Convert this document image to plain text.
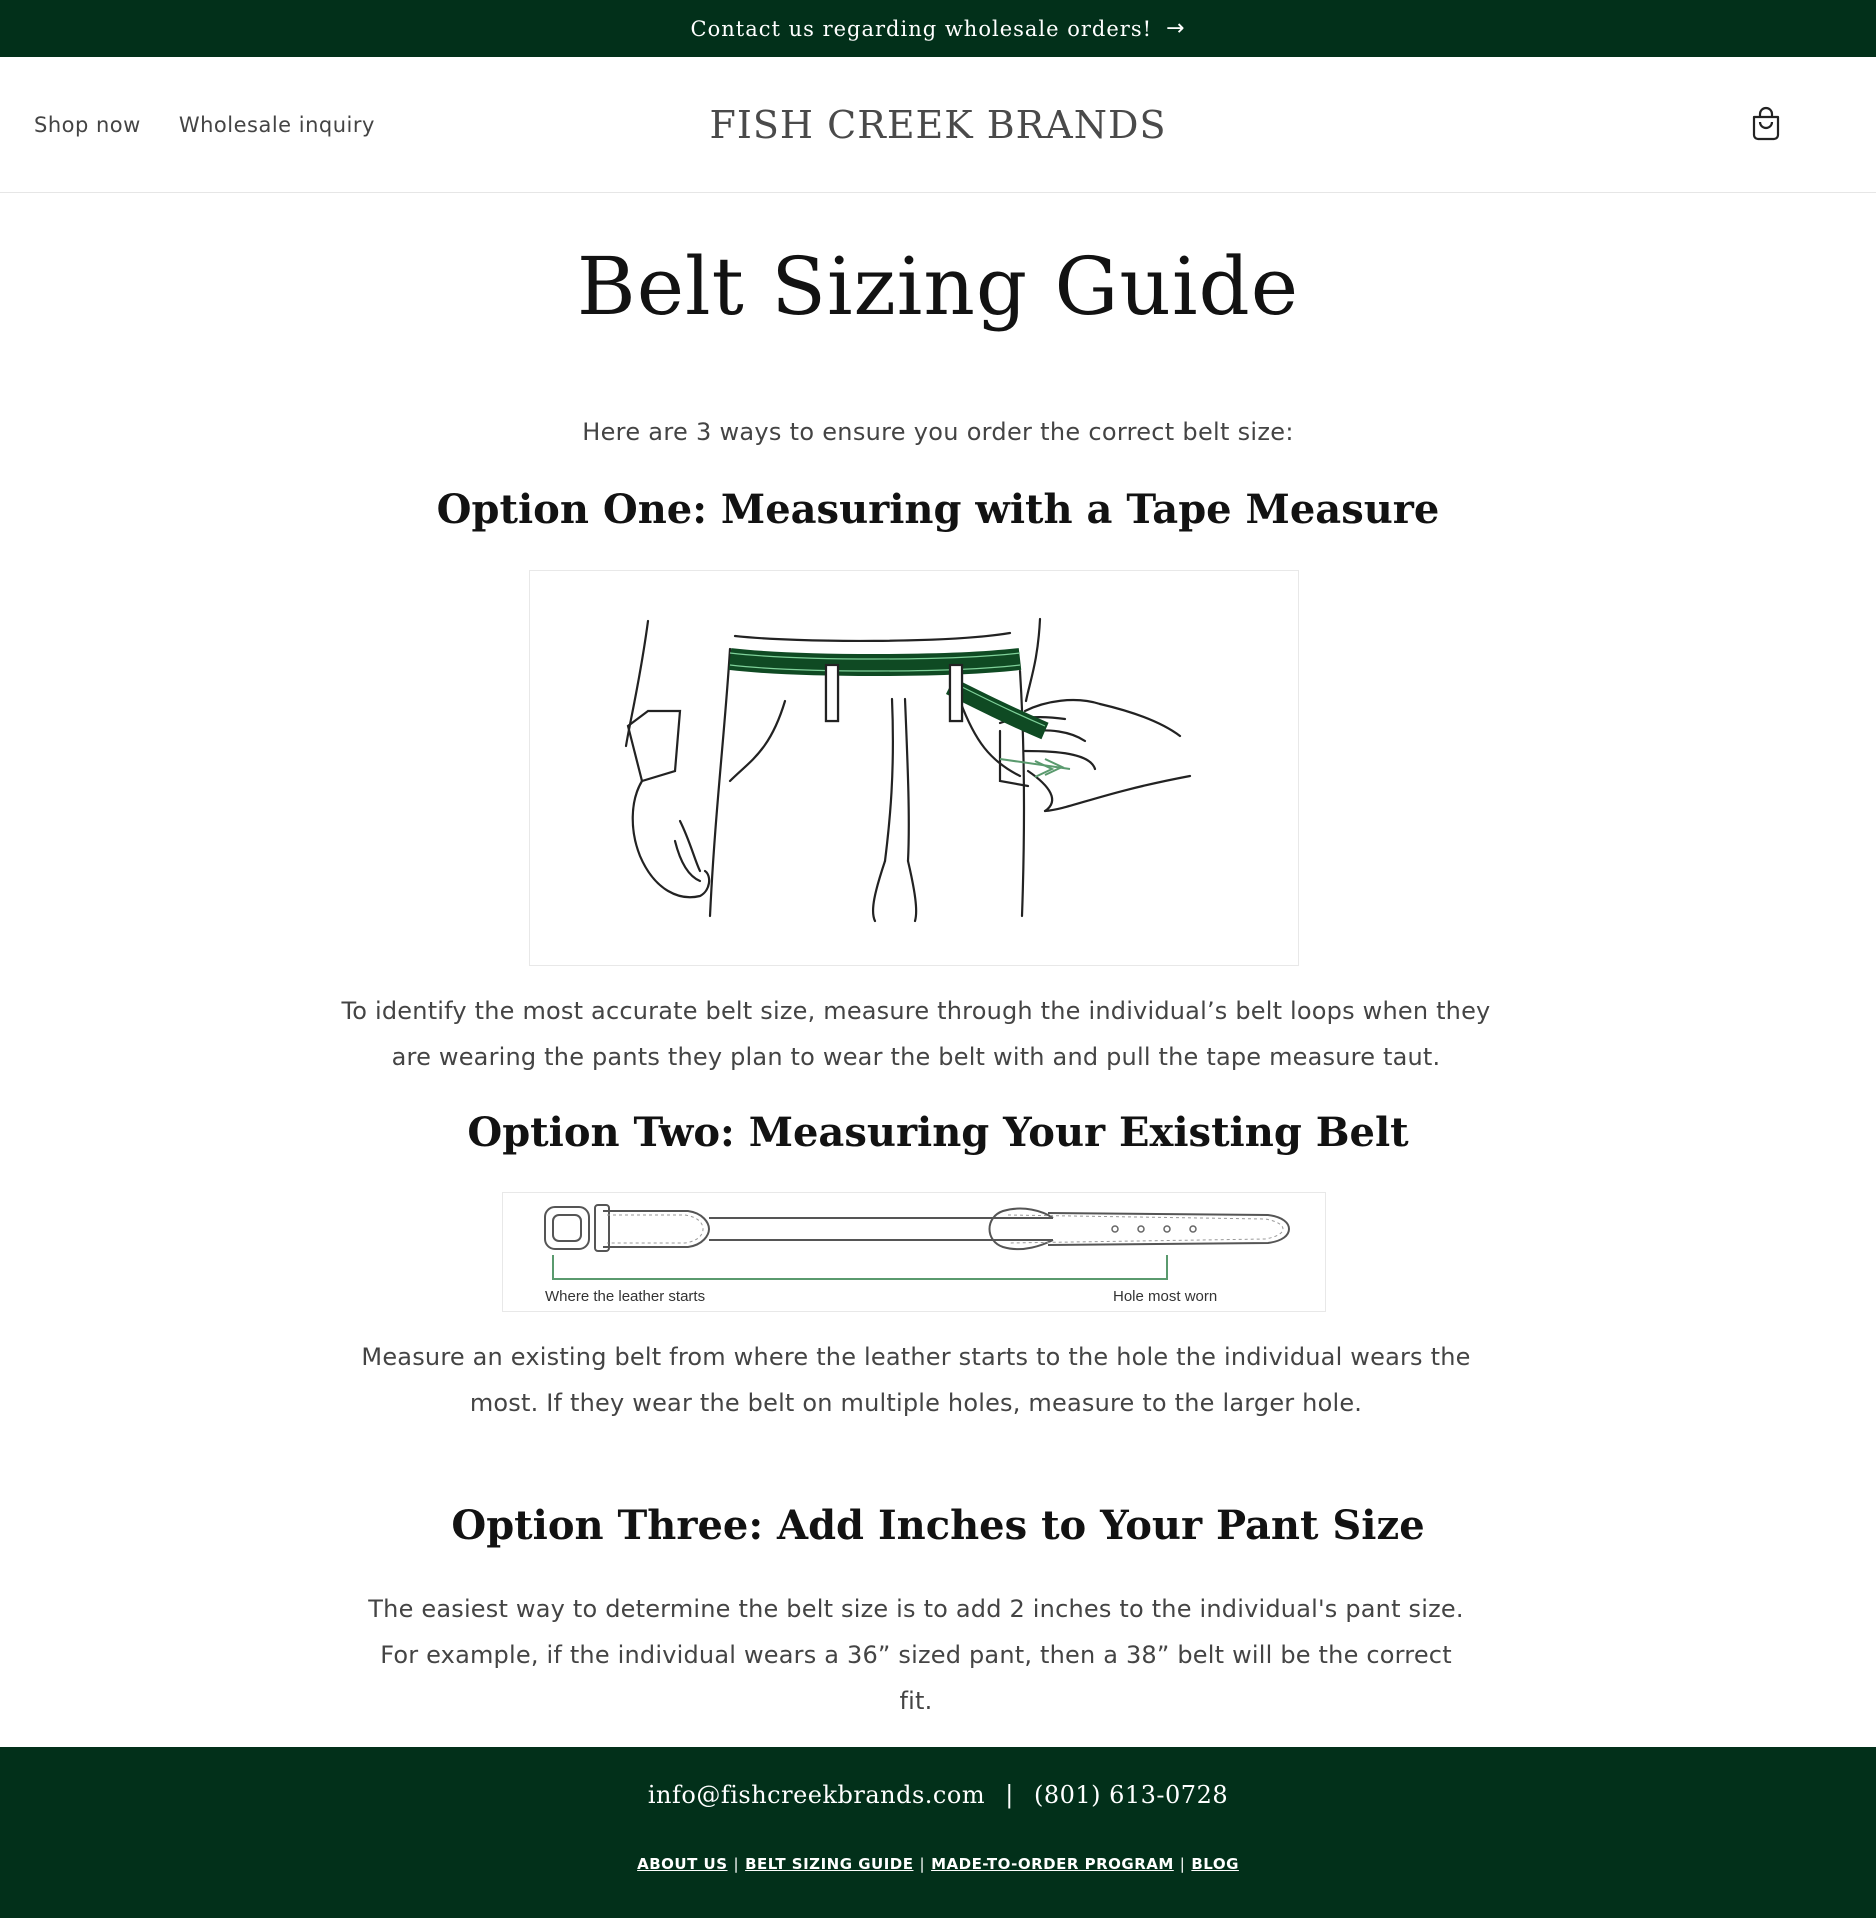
Contact us regarding wholesale orders! →
Shop now Wholesale inquiry	FISH CREEK BRANDS
Belt Sizing Guide

Here are 3 ways to ensure you order the correct belt size:

Option One: Measuring with a Tape Measure

To identify the most accurate belt size, measure through the individual’s belt loops when they are wearing the pants they plan to wear the belt with and pull the tape measure taut.

Option Two: Measuring Your Existing Belt
Where the leather starts	Hole most worn

Measure an existing belt from where the leather starts to the hole the individual wears the most. If they wear the belt on multiple holes, measure to the larger hole.

Option Three: Add Inches to Your Pant Size

The easiest way to determine the belt size is to add 2 inches to the individual's pant size. For example, if the individual wears a 36” sized pant, then a 38” belt will be the correct fit.

info@fishcreekbrands.com | (801) 613-0728
ABOUT US | BELT SIZING GUIDE | MADE-TO-ORDER PROGRAM | BLOG
